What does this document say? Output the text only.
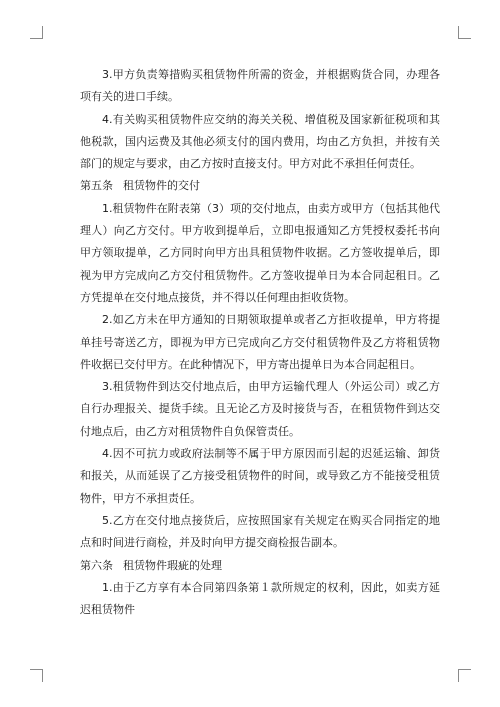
3.甲方负责筹措购买租赁物件所需的资金，并根据购货合同，办理各项有关的进口手续。

4.有关购买租赁物件应交纳的海关关税、增值税及国家新征税项和其他税款，国内运费及其他必须支付的国内费用，均由乙方负担，并按有关部门的规定与要求，由乙方按时直接支付。甲方对此不承担任何责任。

第五条 租赁物件的交付

1.租赁物件在附表第（3）项的交付地点，由卖方或甲方（包括其他代理人）向乙方交付。甲方收到提单后，立即电报通知乙方凭授权委托书向甲方领取提单，乙方同时向甲方出具租赁物件收据。乙方签收提单后，即视为甲方完成向乙方交付租赁物件。乙方签收提单日为本合同起租日。乙方凭提单在交付地点接货，并不得以任何理由拒收货物。

2.如乙方未在甲方通知的日期领取提单或者乙方拒收提单，甲方将提单挂号寄送乙方，即视为甲方已完成向乙方交付租赁物件及乙方将租赁物件收据已交付甲方。在此种情况下，甲方寄出提单日为本合同起租日。

3.租赁物件到达交付地点后，由甲方运输代理人（外运公司）或乙方自行办理报关、提货手续。且无论乙方及时接货与否，在租赁物件到达交付地点后，由乙方对租赁物件自负保管责任。

4.因不可抗力或政府法制等不属于甲方原因而引起的迟延运输、卸货和报关，从而延误了乙方接受租赁物件的时间，或导致乙方不能接受租赁物件，甲方不承担责任。

5.乙方在交付地点接货后，应按照国家有关规定在购买合同指定的地点和时间进行商检，并及时向甲方提交商检报告副本。

第六条 租赁物件瑕疵的处理

1.由于乙方享有本合同第四条第１款所规定的权利，因此，如卖方延迟租赁物件
